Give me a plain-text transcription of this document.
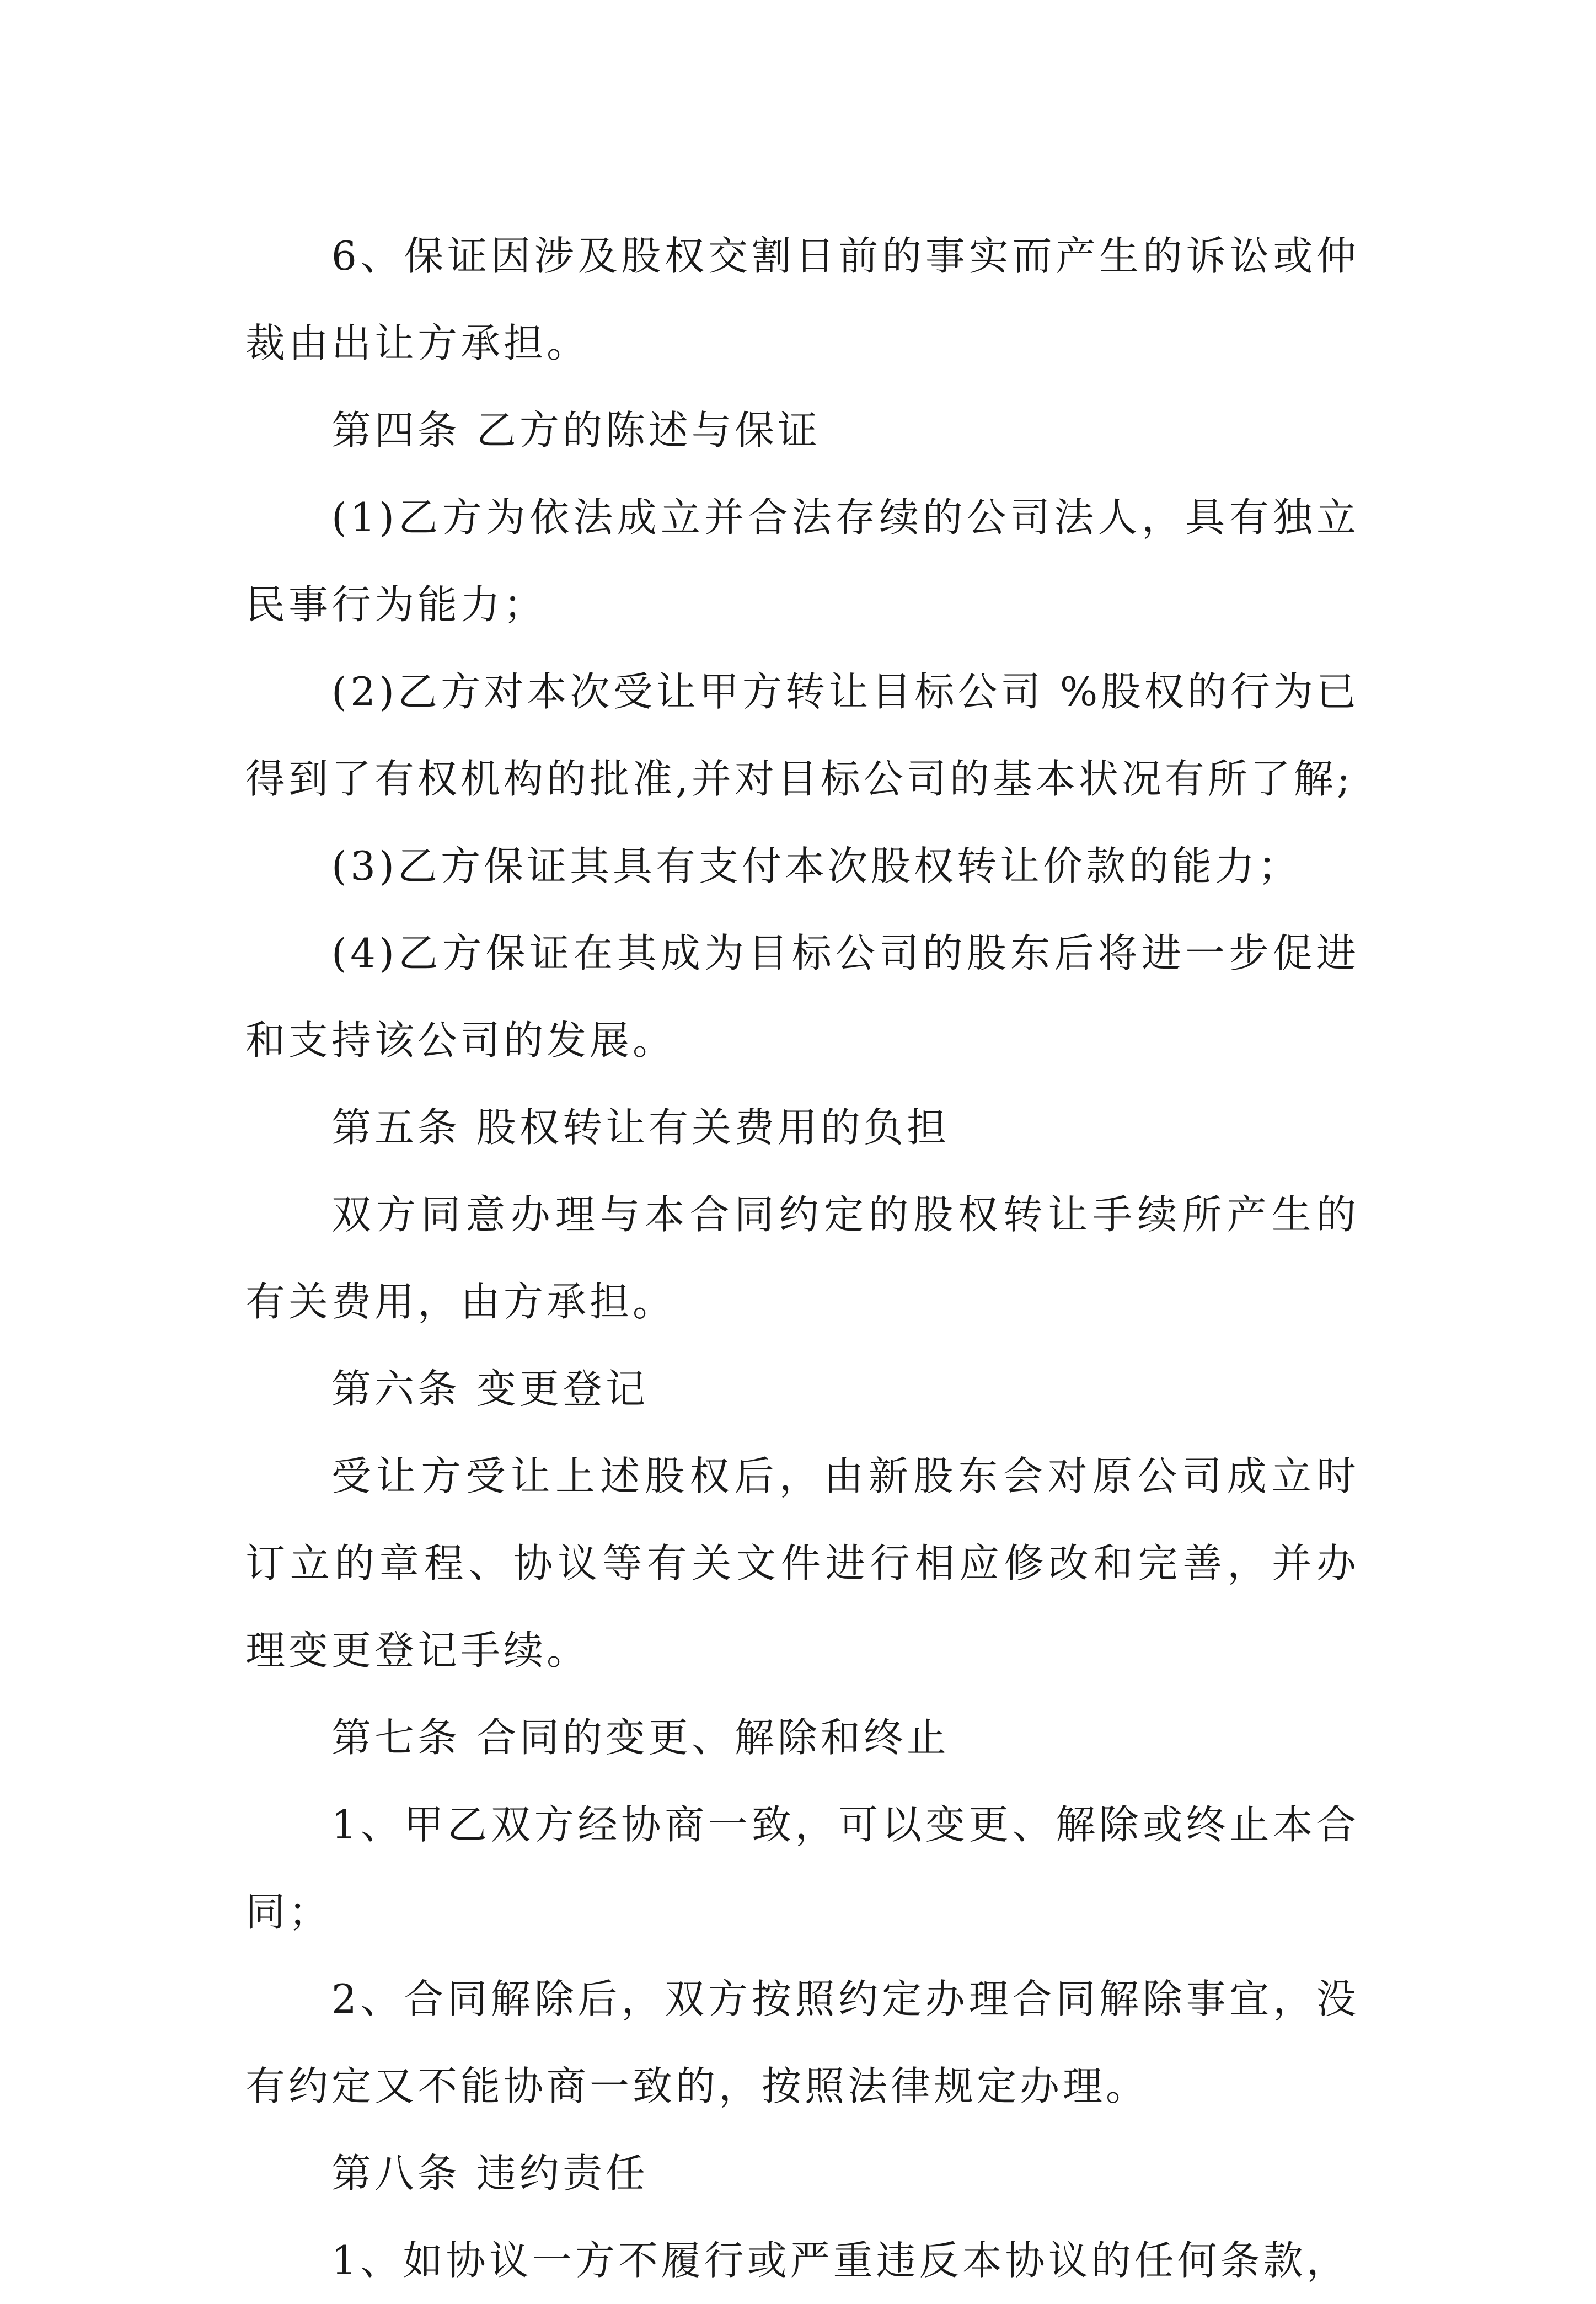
6、保证因涉及股权交割日前的事实而产生的诉讼或仲裁由出让方承担。

第四条 乙方的陈述与保证

(1)乙方为依法成立并合法存续的公司法人，具有独立民事行为能力；

(2)乙方对本次受让甲方转让目标公司 %股权的行为已得到了有权机构的批准,并对目标公司的基本状况有所了解;

(3)乙方保证其具有支付本次股权转让价款的能力；

(4)乙方保证在其成为目标公司的股东后将进一步促进和支持该公司的发展。

第五条 股权转让有关费用的负担

双方同意办理与本合同约定的股权转让手续所产生的有关费用，由方承担。

第六条 变更登记

受让方受让上述股权后，由新股东会对原公司成立时订立的章程、协议等有关文件进行相应修改和完善，并办理变更登记手续。

第七条 合同的变更、解除和终止

1、甲乙双方经协商一致，可以变更、解除或终止本合同；

2、合同解除后，双方按照约定办理合同解除事宜，没有约定又不能协商一致的，按照法律规定办理。

第八条 违约责任

1、如协议一方不履行或严重违反本协议的任何条款，
